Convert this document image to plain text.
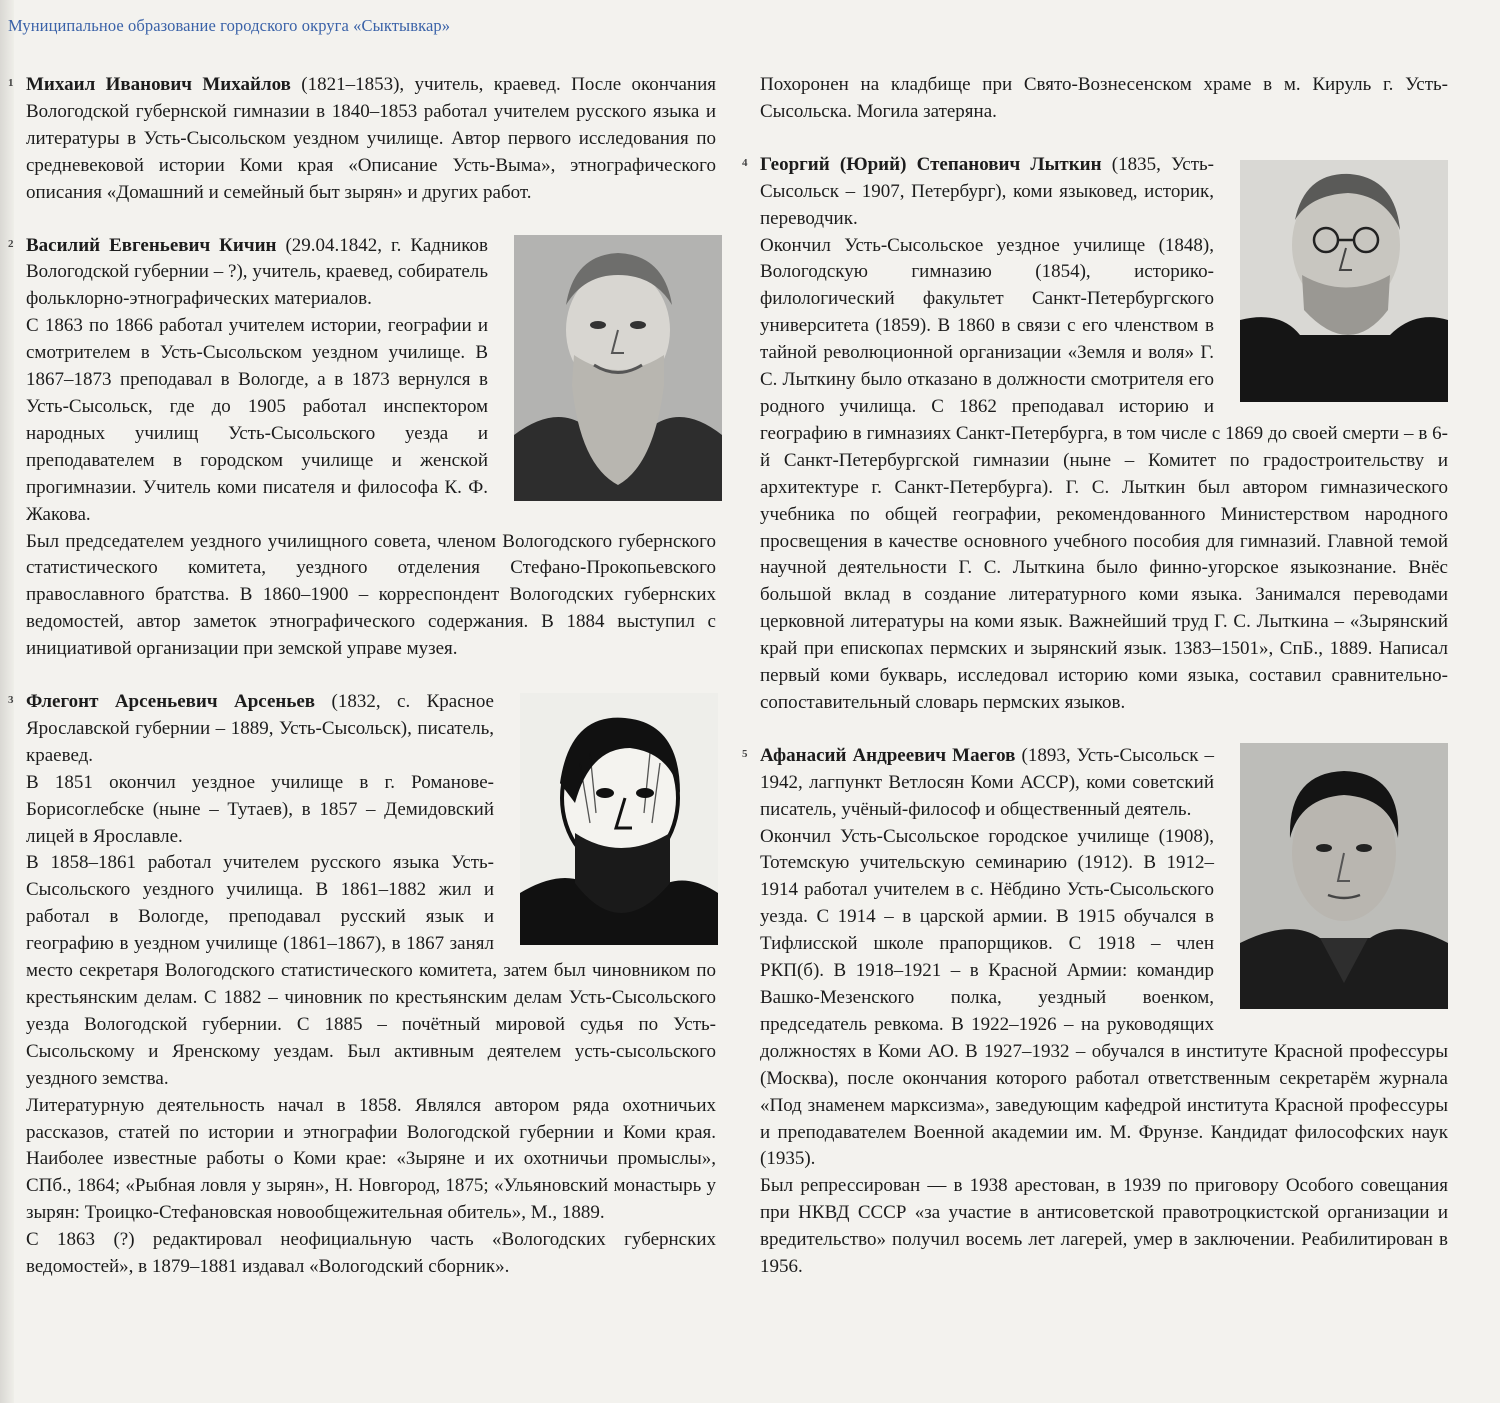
Муниципальное образование городского округа «Сыктывкар»
1 Михаил Иванович Михайлов (1821–1853), учитель, краевед. После окончания Вологодской губернской гимназии в 1840–1853 работал учителем русского языка и литературы в Усть-Сысольском уездном училище. Автор первого исследования по средневековой истории Коми края «Описание Усть-Выма», этнографического описания «Домашний и семейный быт зырян» и других работ.

2 Василий Евгеньевич Кичин (29.04.1842, г. Кадников Вологодской губернии – ?), учитель, краевед, собиратель фольклорно-этнографических материалов.

С 1863 по 1866 работал учителем истории, географии и смотрителем в Усть-Сысольском уездном училище. В 1867–1873 преподавал в Вологде, а в 1873 вернулся в Усть-Сысольск, где до 1905 работал инспектором народных училищ Усть-Сысольского уезда и преподавателем в городском училище и женской прогимназии. Учитель коми писателя и философа К. Ф. Жакова.

Был председателем уездного училищного совета, членом Вологодского губернского статистического комитета, уездного отделения Стефано-Прокопьевского православного братства. В 1860–1900 – корреспондент Вологодских губернских ведомостей, автор заметок этнографического содержания. В 1884 выступил с инициативой организации при земской управе музея.

3 Флегонт Арсеньевич Арсеньев (1832, с. Красное Ярославской губернии – 1889, Усть-Сысольск), писатель, краевед.

В 1851 окончил уездное училище в г. Романове-Борисоглебске (ныне – Тутаев), в 1857 – Демидовский лицей в Ярославле.

В 1858–1861 работал учителем русского языка Усть-Сысольского уездного училища. В 1861–1882 жил и работал в Вологде, преподавал русский язык и географию в уездном училище (1861–1867), в 1867 занял место секретаря Вологодского статистического комитета, затем был чиновником по крестьянским делам. С 1882 – чиновник по крестьянским делам Усть-Сысольского уезда Вологодской губернии. С 1885 – почётный мировой судья по Усть-Сысольскому и Яренскому уездам. Был активным деятелем усть-сысольского уездного земства.

Литературную деятельность начал в 1858. Являлся автором ряда охотничьих рассказов, статей по истории и этнографии Вологодской губернии и Коми края. Наиболее известные работы о Коми крае: «Зыряне и их охотничьи промыслы», СПб., 1864; «Рыбная ловля у зырян», Н. Новгород, 1875; «Ульяновский монастырь у зырян: Троицко-Стефановская новообщежительная обитель», М., 1889.

С 1863 (?) редактировал неофициальную часть «Вологодских губернских ведомостей», в 1879–1881 издавал «Вологодский сборник».

Похоронен на кладбище при Свято-Вознесенском храме в м. Кируль г. Усть-Сысольска. Могила затеряна.

4 Георгий (Юрий) Степанович Лыткин (1835, Усть-Сысольск – 1907, Петербург), коми языковед, историк, переводчик.

Окончил Усть-Сысольское уездное училище (1848), Вологодскую гимназию (1854), историко-филологический факультет Санкт-Петербургского университета (1859). В 1860 в связи с его членством в тайной революционной организации «Земля и воля» Г. С. Лыткину было отказано в должности смотрителя его родного училища. С 1862 преподавал историю и географию в гимназиях Санкт-Петербурга, в том числе с 1869 до своей смерти – в 6-й Санкт-Петербургской гимназии (ныне – Комитет по градостроительству и архитектуре г. Санкт-Петербурга). Г. С. Лыткин был автором гимназического учебника по общей географии, рекомендованного Министерством народного просвещения в качестве основного учебного пособия для гимназий. Главной темой научной деятельности Г. С. Лыткина было финно-угорское языкознание. Внёс большой вклад в создание литературного коми языка. Занимался переводами церковной литературы на коми язык. Важнейший труд Г. С. Лыткина – «Зырянский край при епископах пермских и зырянский язык. 1383–1501», СпБ., 1889. Написал первый коми букварь, исследовал историю коми языка, составил сравнительно-сопоставительный словарь пермских языков.

5 Афанасий Андреевич Маегов (1893, Усть-Сысольск – 1942, лагпункт Ветлосян Коми АССР), коми советский писатель, учёный-философ и общественный деятель.

Окончил Усть-Сысольское городское училище (1908), Тотемскую учительскую семинарию (1912). В 1912–1914 работал учителем в с. Нёбдино Усть-Сысольского уезда. С 1914 – в царской армии. В 1915 обучался в Тифлисской школе прапорщиков. С 1918 – член РКП(б). В 1918–1921 – в Красной Армии: командир Вашко-Мезенского полка, уездный военком, председатель ревкома. В 1922–1926 – на руководящих должностях в Коми АО. В 1927–1932 – обучался в институте Красной профессуры (Москва), после окончания которого работал ответственным секретарём журнала «Под знаменем марксизма», заведующим кафедрой института Красной профессуры и преподавателем Военной академии им. М. Фрунзе. Кандидат философских наук (1935).

Был репрессирован — в 1938 арестован, в 1939 по приговору Особого совещания при НКВД СССР «за участие в антисоветской правотроцкистской организации и вредительство» получил восемь лет лагерей, умер в заключении. Реабилитирован в 1956.
